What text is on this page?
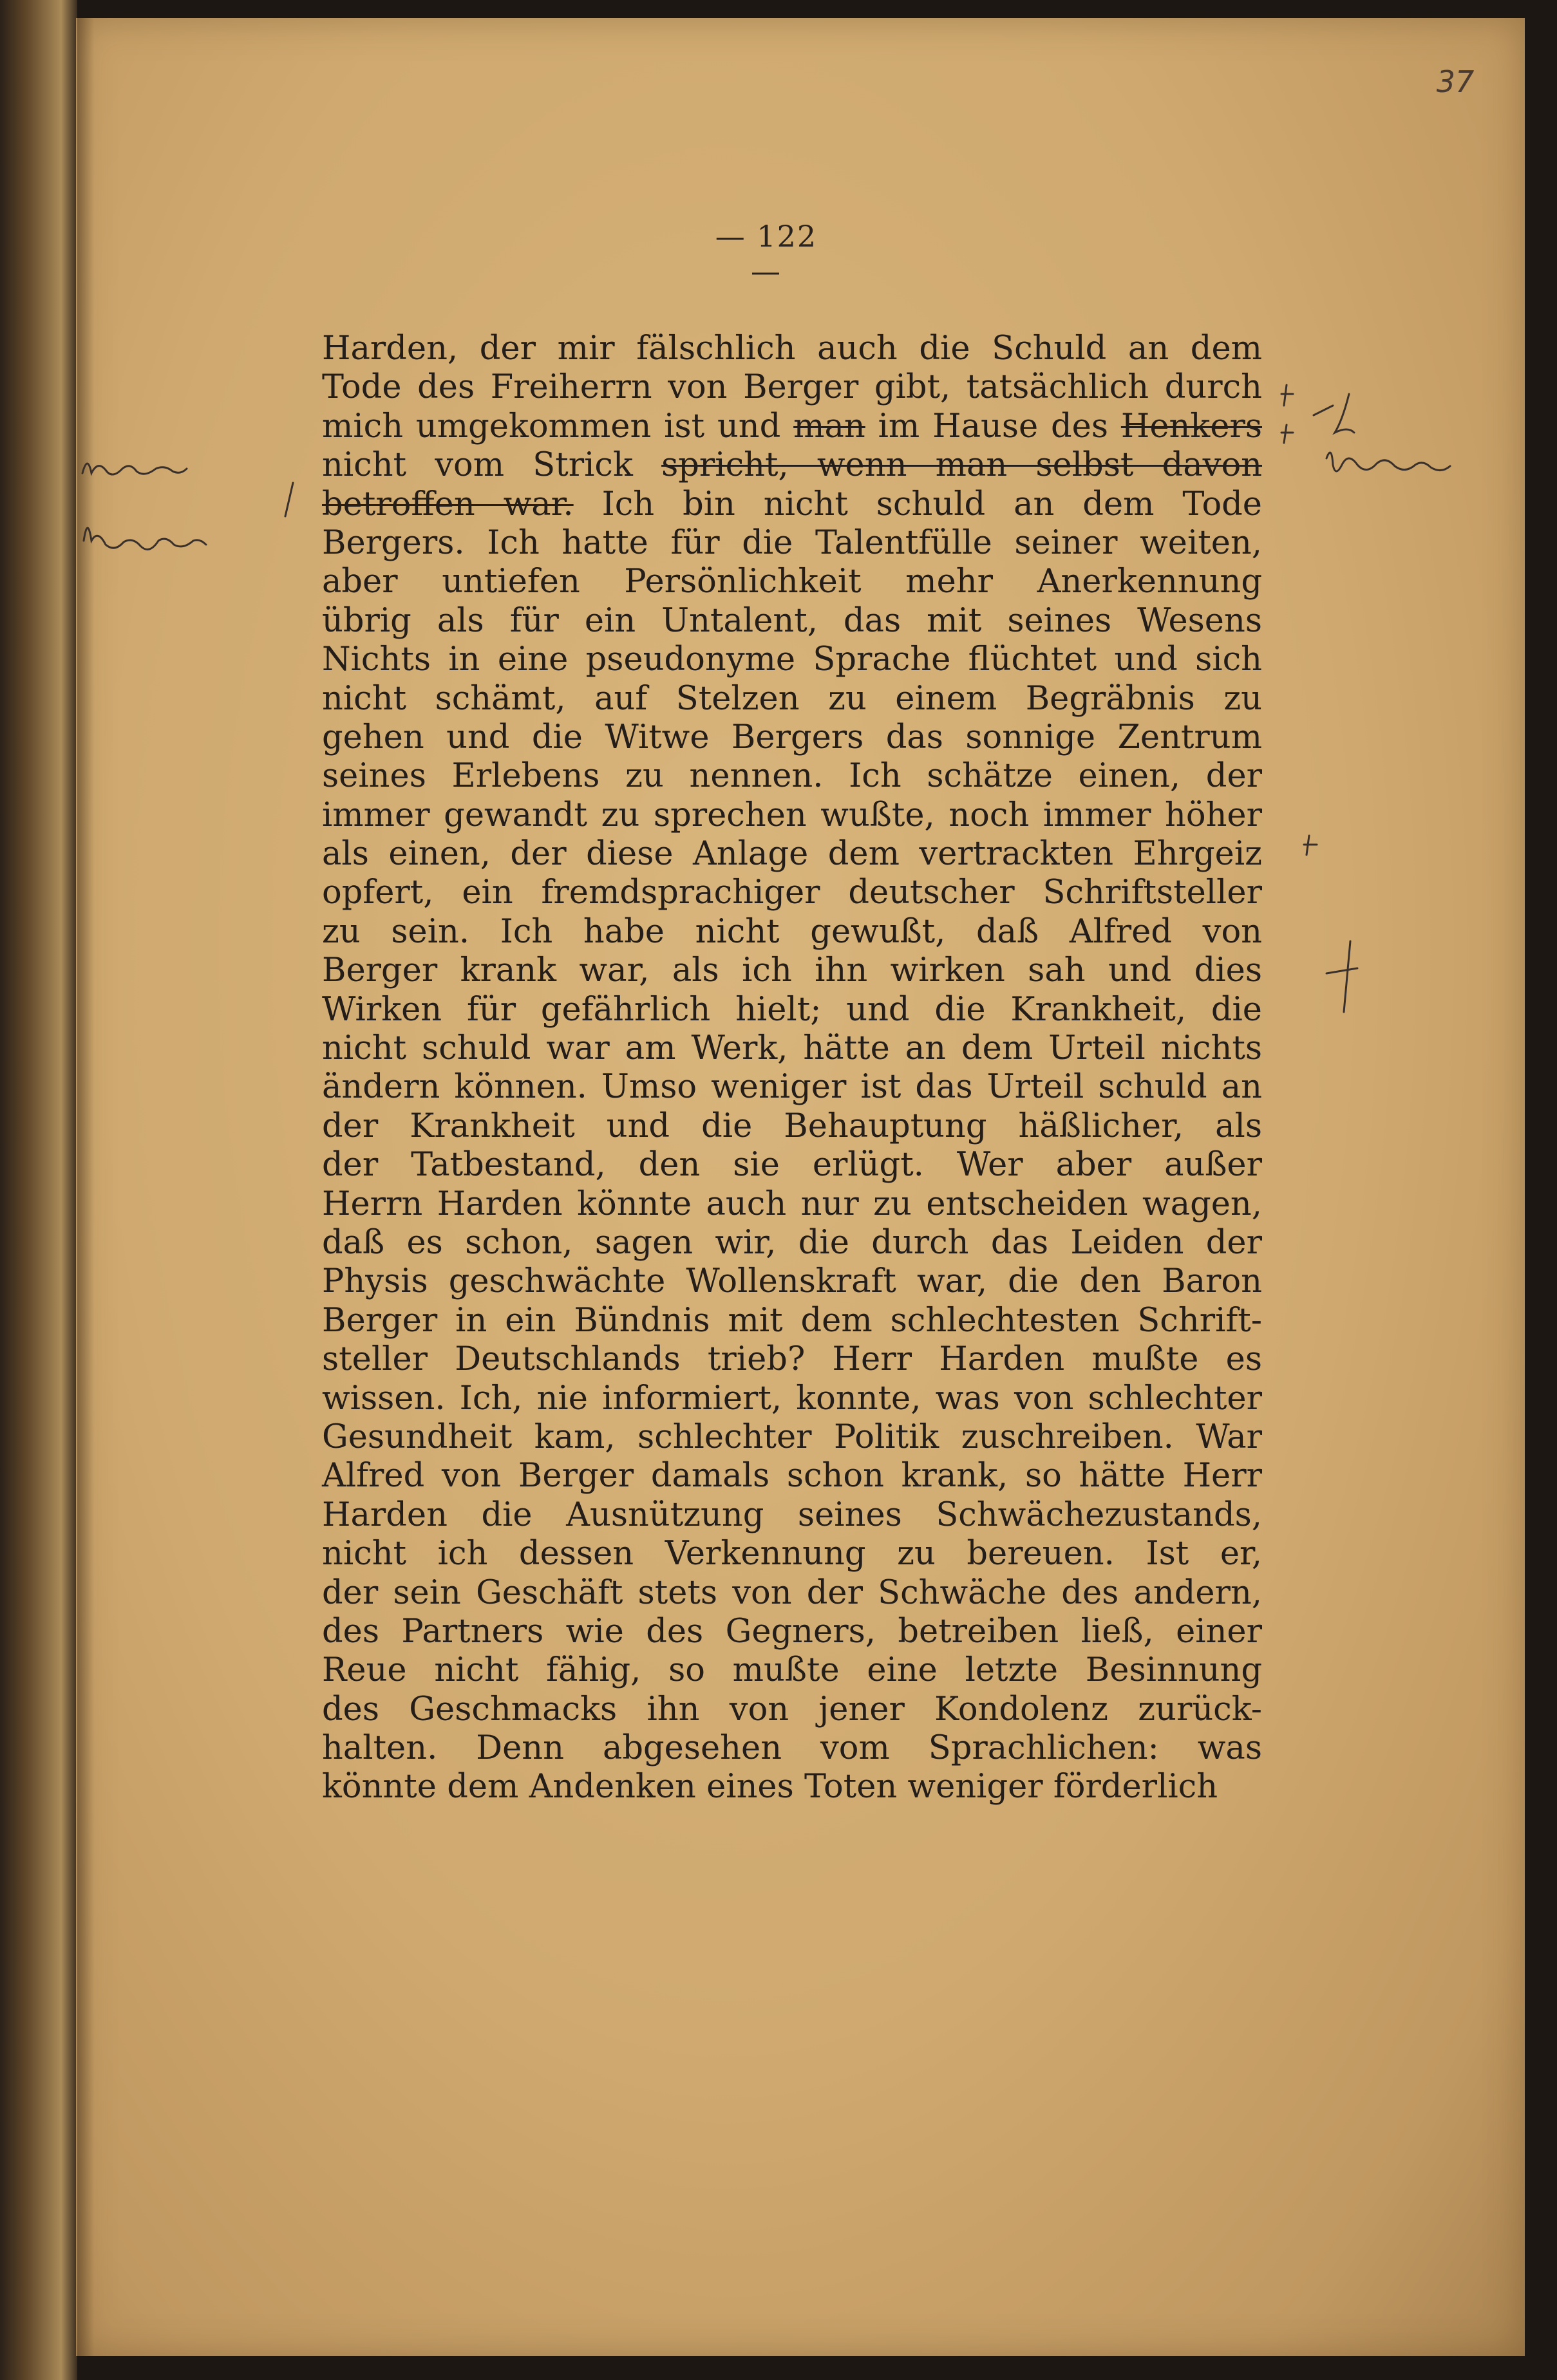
37
— 122 —
Harden, der mir fälschlich auch die Schuld an dem
Tode des Freiherrn von Berger gibt, tatsächlich durch
mich umgekommen ist und man im Hause des Henkers
nicht vom Strick spricht, wenn man selbst davon
betroffen war. Ich bin nicht schuld an dem Tode
Bergers. Ich hatte für die Talentfülle seiner weiten,
aber untiefen Persönlichkeit mehr Anerkennung
übrig als für ein Untalent, das mit seines Wesens
Nichts in eine pseudonyme Sprache flüchtet und sich
nicht schämt, auf Stelzen zu einem Begräbnis zu
gehen und die Witwe Bergers das sonnige Zentrum
seines Erlebens zu nennen. Ich schätze einen, der
immer gewandt zu sprechen wußte, noch immer höher
als einen, der diese Anlage dem vertrackten Ehrgeiz
opfert, ein fremdsprachiger deutscher Schriftsteller
zu sein. Ich habe nicht gewußt, daß Alfred von
Berger krank war, als ich ihn wirken sah und dies
Wirken für gefährlich hielt; und die Krankheit, die
nicht schuld war am Werk, hätte an dem Urteil nichts
ändern können. Umso weniger ist das Urteil schuld an
der Krankheit und die Behauptung häßlicher, als
der Tatbestand, den sie erlügt. Wer aber außer
Herrn Harden könnte auch nur zu entscheiden wagen,
daß es schon, sagen wir, die durch das Leiden der
Physis geschwächte Wollenskraft war, die den Baron
Berger in ein Bündnis mit dem schlechtesten Schrift-
steller Deutschlands trieb? Herr Harden mußte es
wissen. Ich, nie informiert, konnte, was von schlechter
Gesundheit kam, schlechter Politik zuschreiben. War
Alfred von Berger damals schon krank, so hätte Herr
Harden die Ausnützung seines Schwächezustands,
nicht ich dessen Verkennung zu bereuen. Ist er,
der sein Geschäft stets von der Schwäche des andern,
des Partners wie des Gegners, betreiben ließ, einer
Reue nicht fähig, so mußte eine letzte Besinnung
des Geschmacks ihn von jener Kondolenz zurück-
halten. Denn abgesehen vom Sprachlichen: was
könnte dem Andenken eines Toten weniger förderlich
